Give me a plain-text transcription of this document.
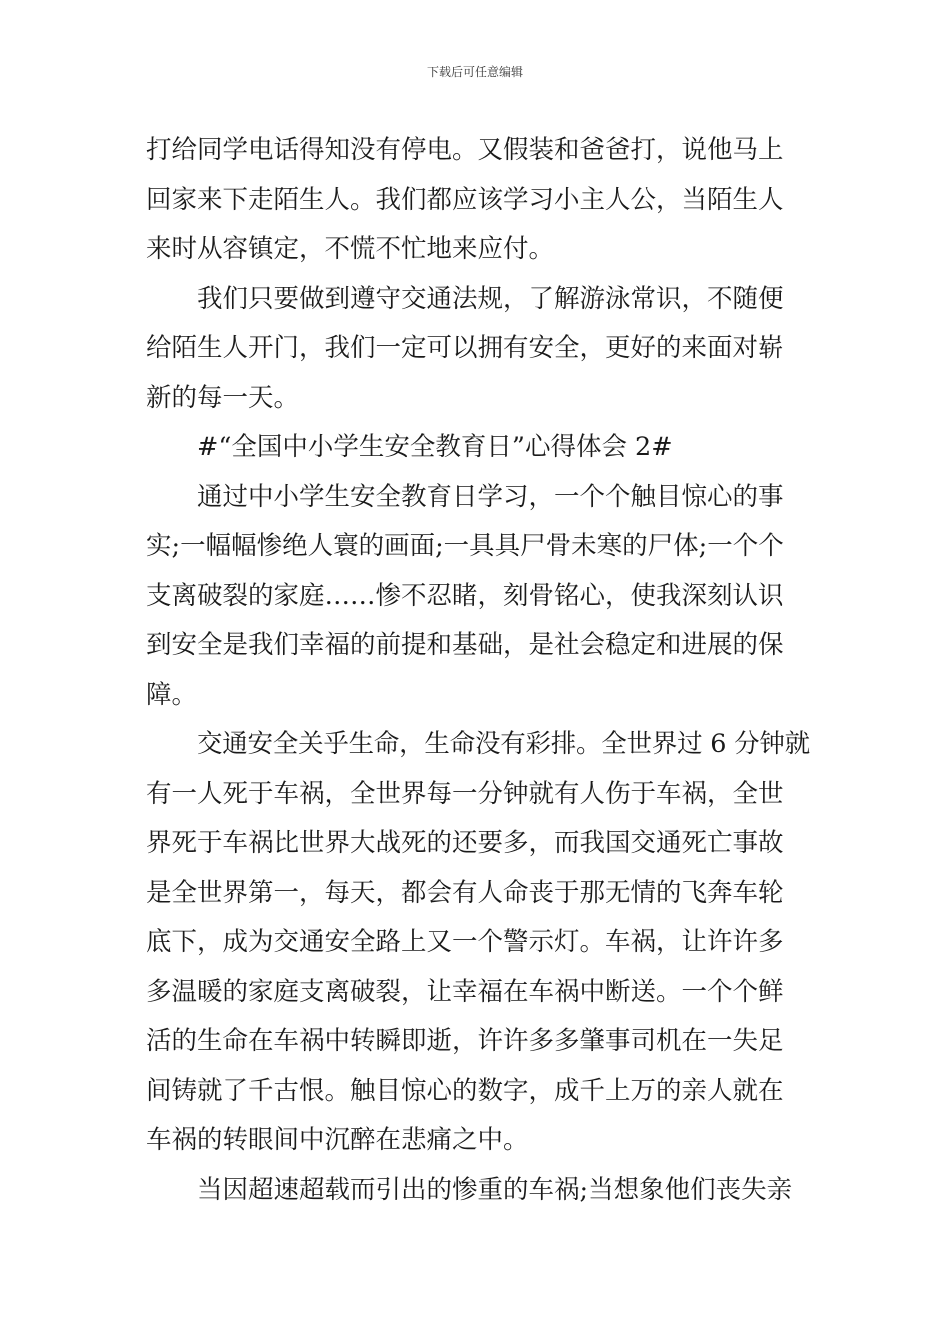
下载后可任意编辑
打给同学电话得知没有停电。又假装和爸爸打，说他马上
回家来下走陌生人。我们都应该学习小主人公，当陌生人
来时从容镇定，不慌不忙地来应付。
我们只要做到遵守交通法规，了解游泳常识，不随便
给陌生人开门，我们一定可以拥有安全，更好的来面对崭
新的每一天。
#“全国中小学生安全教育日”心得体会 2#
通过中小学生安全教育日学习，一个个触目惊心的事
实;一幅幅惨绝人寰的画面;一具具尸骨未寒的尸体;一个个
支离破裂的家庭……惨不忍睹，刻骨铭心，使我深刻认识
到安全是我们幸福的前提和基础，是社会稳定和进展的保
障。
交通安全关乎生命，生命没有彩排。全世界过 6 分钟就
有一人死于车祸，全世界每一分钟就有人伤于车祸，全世
界死于车祸比世界大战死的还要多，而我国交通死亡事故
是全世界第一，每天，都会有人命丧于那无情的飞奔车轮
底下，成为交通安全路上又一个警示灯。车祸，让许许多
多温暖的家庭支离破裂，让幸福在车祸中断送。一个个鲜
活的生命在车祸中转瞬即逝，许许多多肇事司机在一失足
间铸就了千古恨。触目惊心的数字，成千上万的亲人就在
车祸的转眼间中沉醉在悲痛之中。
当因超速超载而引出的惨重的车祸;当想象他们丧失亲
